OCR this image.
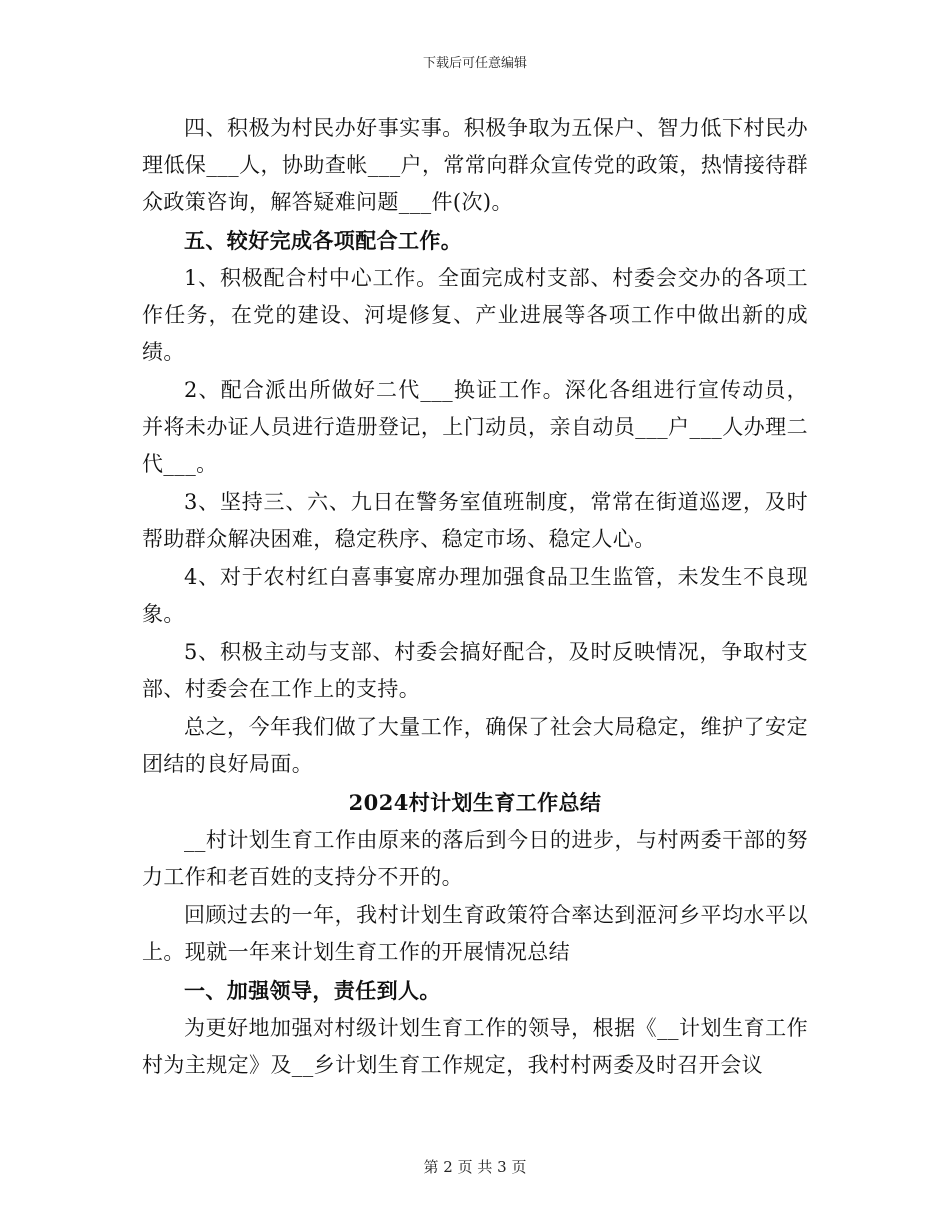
下载后可任意编辑

四、积极为村民办好事实事。积极争取为五保户、智力低下村民办理低保___人，协助查帐___户，常常向群众宣传党的政策，热情接待群众政策咨询，解答疑难问题___件(次)。

五、较好完成各项配合工作。

1、积极配合村中心工作。全面完成村支部、村委会交办的各项工作任务，在党的建设、河堤修复、产业进展等各项工作中做出新的成绩。

2、配合派出所做好二代___换证工作。深化各组进行宣传动员，并将未办证人员进行造册登记，上门动员，亲自动员___户___人办理二代___。

3、坚持三、六、九日在警务室值班制度，常常在街道巡逻，及时帮助群众解决困难，稳定秩序、稳定市场、稳定人心。

4、对于农村红白喜事宴席办理加强食品卫生监管，未发生不良现象。

5、积极主动与支部、村委会搞好配合，及时反映情况，争取村支部、村委会在工作上的支持。

总之，今年我们做了大量工作，确保了社会大局稳定，维护了安定团结的良好局面。

2024村计划生育工作总结

__村计划生育工作由原来的落后到今日的进步，与村两委干部的努力工作和老百姓的支持分不开的。

回顾过去的一年，我村计划生育政策符合率达到洍河乡平均水平以上。现就一年来计划生育工作的开展情况总结

一、加强领导，责任到人。

为更好地加强对村级计划生育工作的领导，根据《__计划生育工作村为主规定》及__乡计划生育工作规定，我村村两委及时召开会议

第 2 页 共 3 页
